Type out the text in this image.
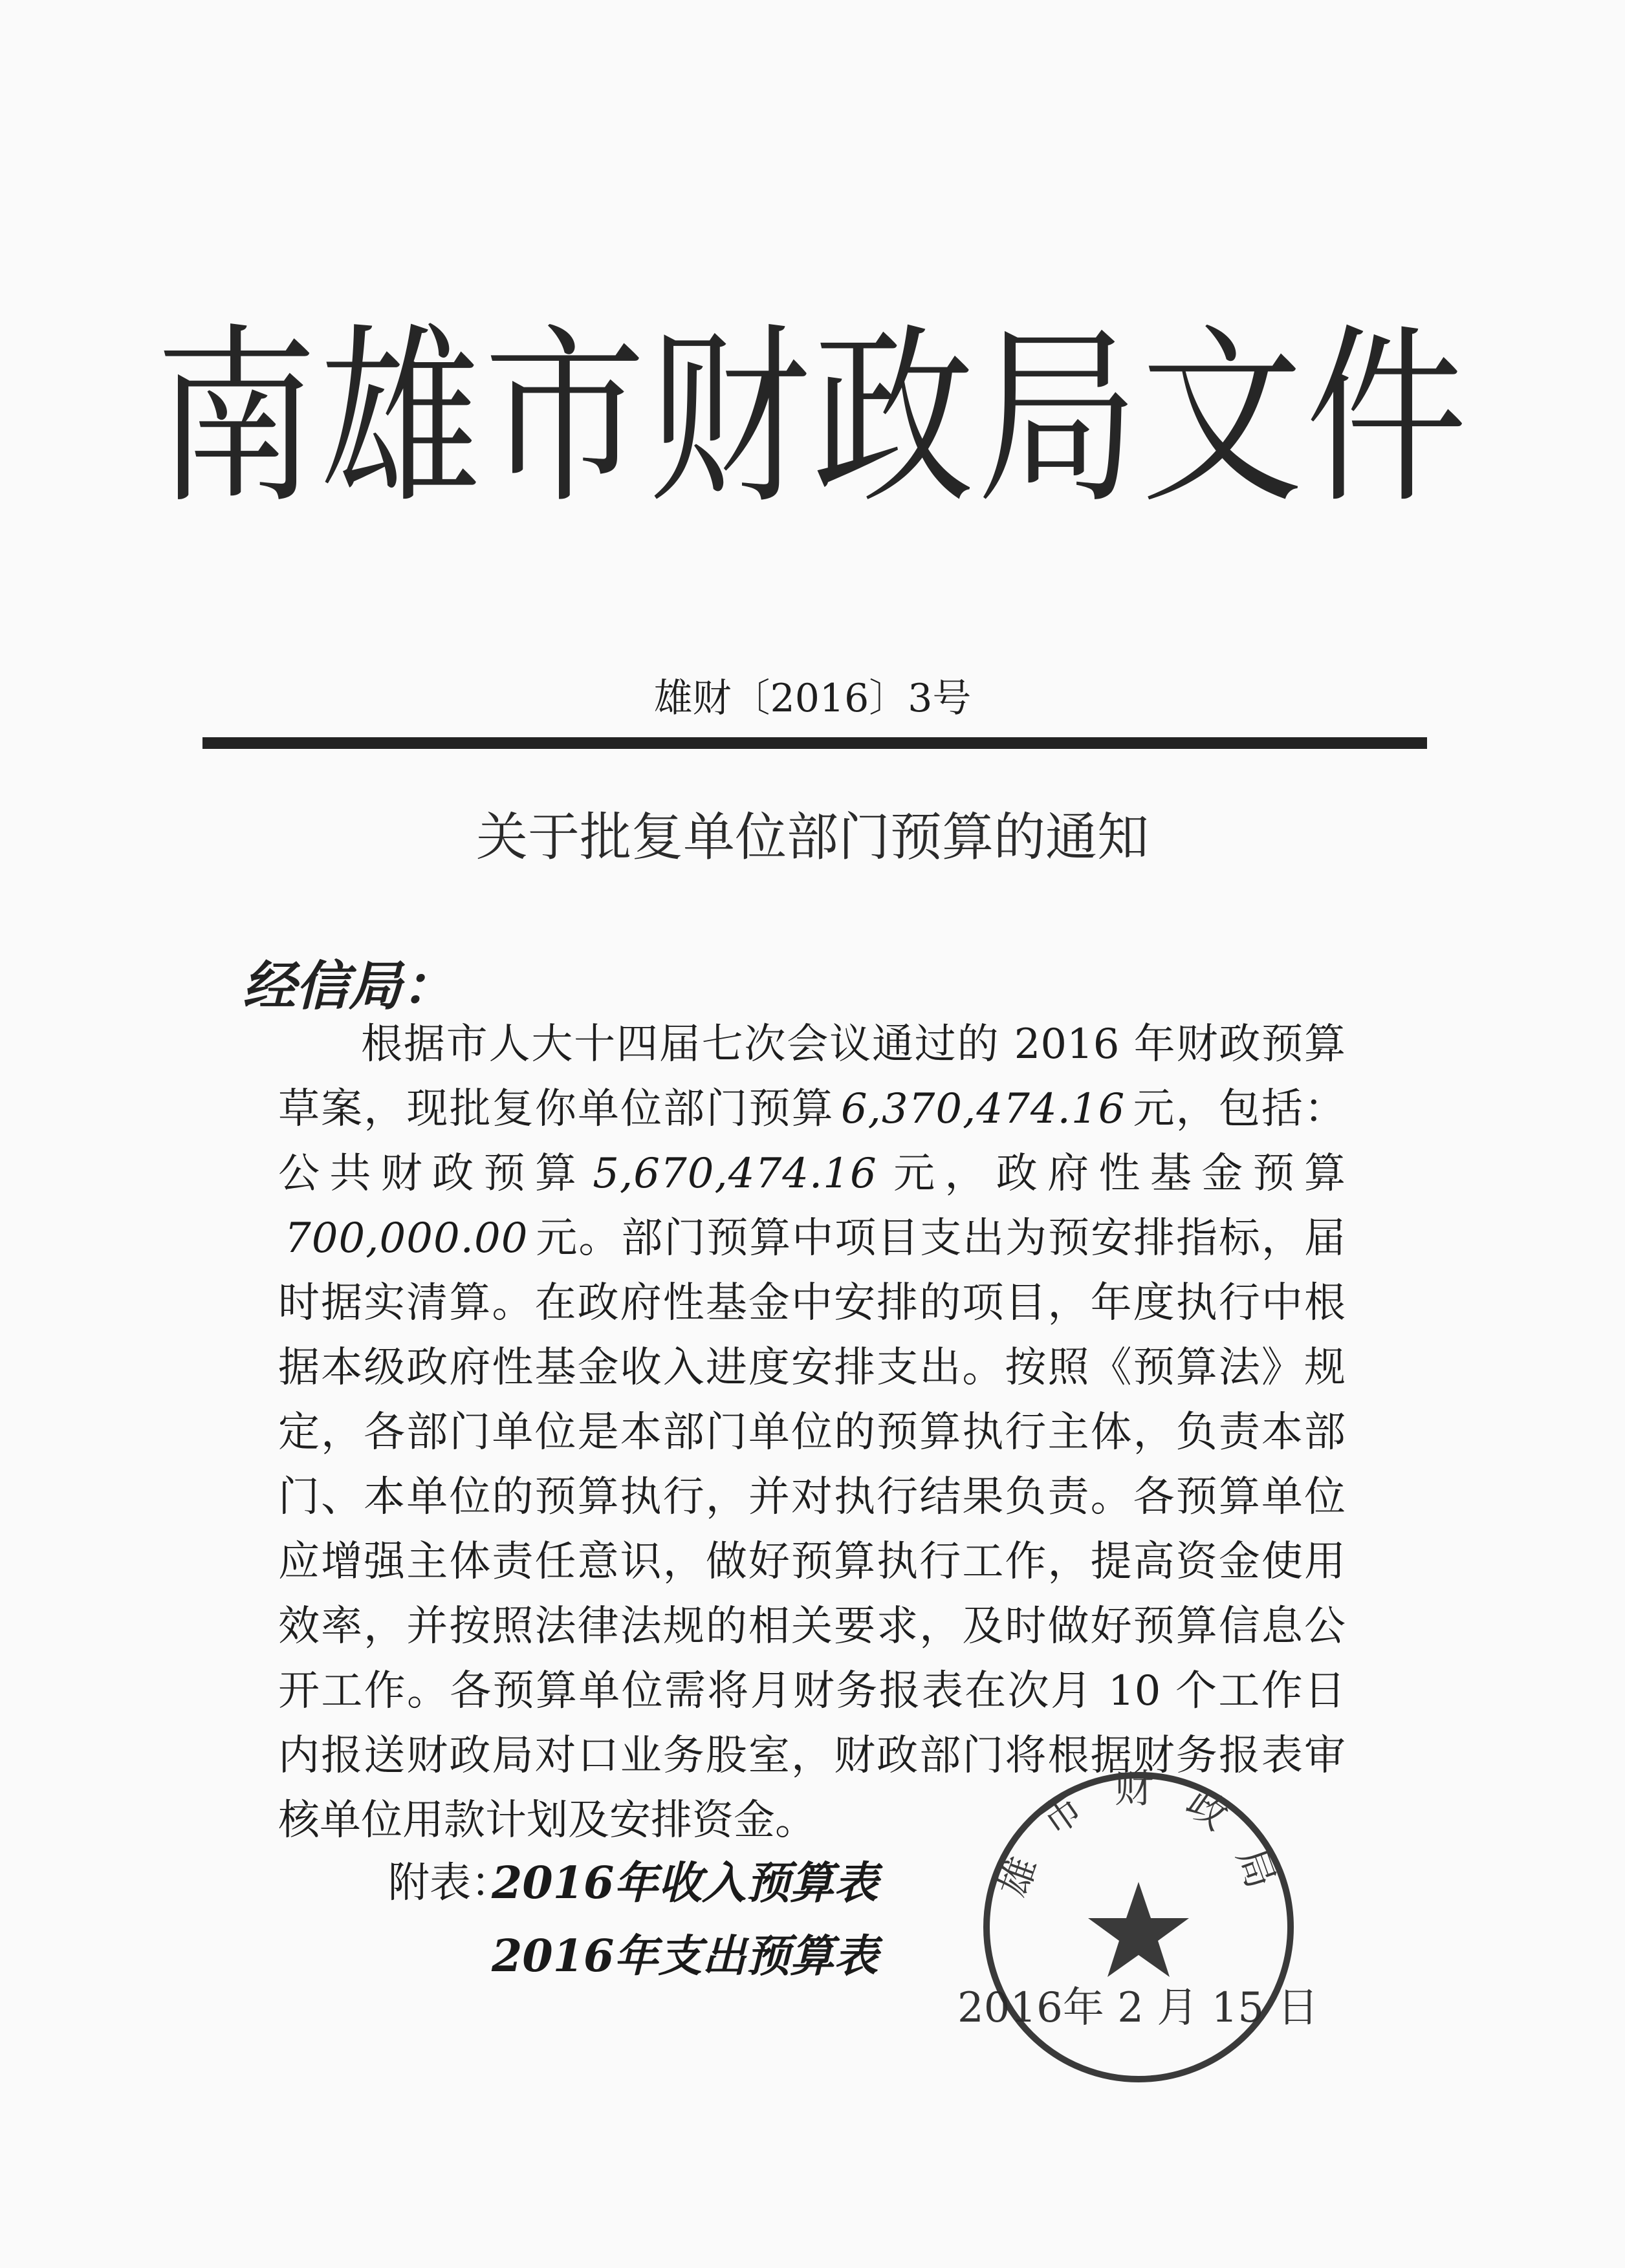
南雄市财政局文件
雄财〔2016〕3号
关于批复单位部门预算的通知
经信局：
根据市人大十四届七次会议通过的 2016 年财政预算草案，现批复你单位部门预算 6,370,474.16 元，包括：公共财政预算 5,670,474.16 元，政府性基金预算700,000.00 元。部门预算中项目支出为预安排指标，届时据实清算。在政府性基金中安排的项目，年度执行中根据本级政府性基金收入进度安排支出。按照《预算法》规定，各部门单位是本部门单位的预算执行主体，负责本部门、本单位的预算执行，并对执行结果负责。各预算单位应增强主体责任意识，做好预算执行工作，提高资金使用效率，并按照法律法规的相关要求，及时做好预算信息公开工作。各预算单位需将月财务报表在次月 10 个工作日内报送财政局对口业务股室，财政部门将根据财务报表审核单位用款计划及安排资金。
附表：
2016年收入预算表
2016年支出预算表
2016年 2 月 15 日
雄 市 财 政 局
